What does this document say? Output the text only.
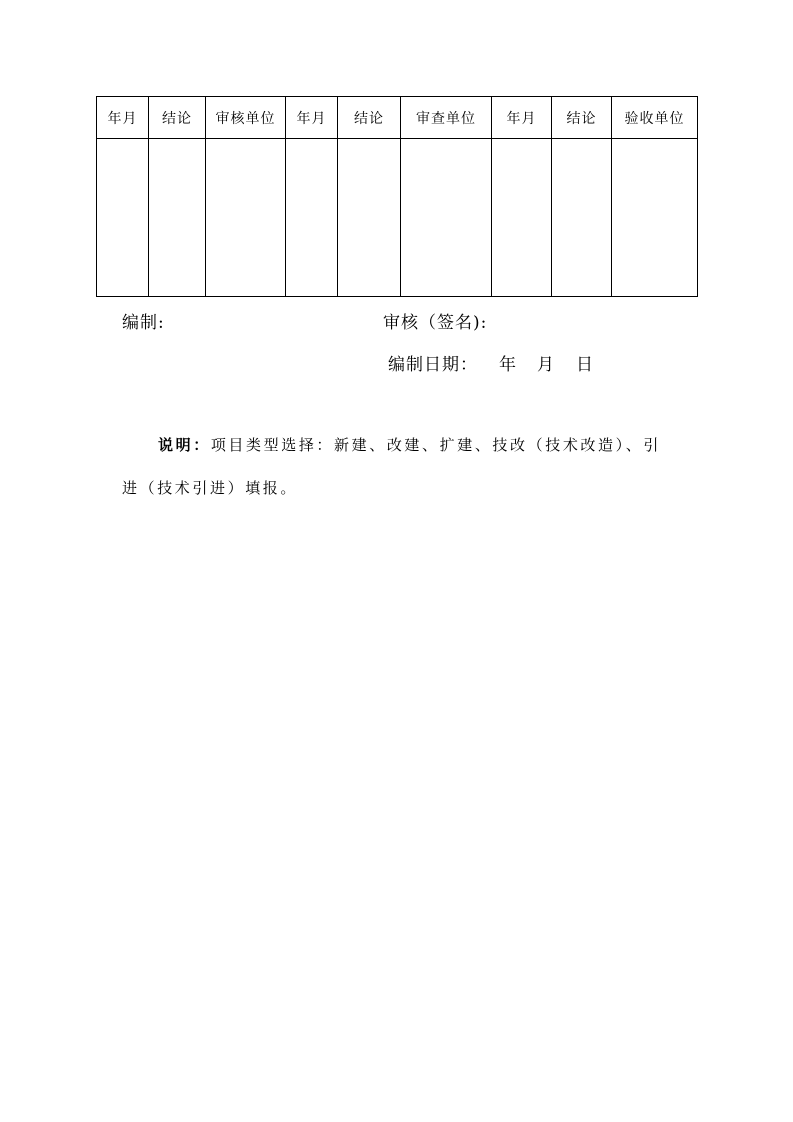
年月	结论	审核单位	年月	结论	审查单位	年月	结论	验收单位

编制:	审核（签名):
编制日期： 年 月 日
说明：项目类型选择：新建、改建、扩建、技改（技术改造）、引
进（技术引进）填报。
